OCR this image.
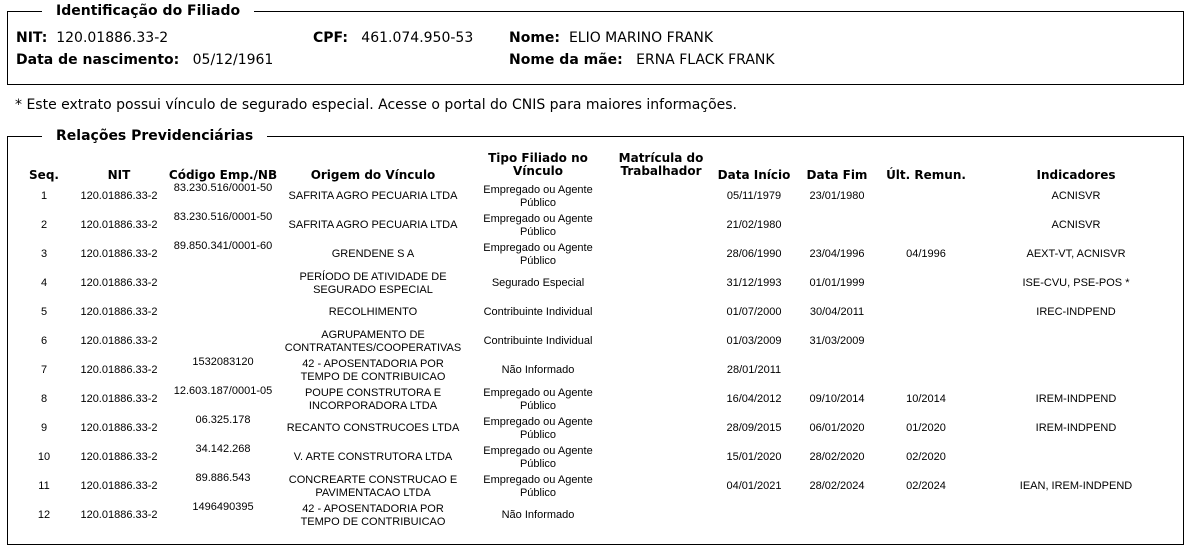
Identificação do Filiado
NIT: 120.01886.33-2	CPF: 461.074.950-53	Nome: ELIO MARINO FRANK
Data de nascimento: 05/12/1961	Nome da mãe: ERNA FLACK FRANK
* Este extrato possui vínculo de segurado especial. Acesse o portal do CNIS para maiores informações.
Relações Previdenciárias
Seq.	NIT	Código Emp./NB	Origem do Vínculo	Tipo Filiado no Vínculo	Matrícula do Trabalhador	Data Início	Data Fim	Últ. Remun.	Indicadores
1	120.01886.33-2	83.230.516/0001-50	SAFRITA AGRO PECUARIA LTDA	Empregado ou Agente Público		05/11/1979	23/01/1980		ACNISVR
2	120.01886.33-2	83.230.516/0001-50	SAFRITA AGRO PECUARIA LTDA	Empregado ou Agente Público		21/02/1980			ACNISVR
3	120.01886.33-2	89.850.341/0001-60	GRENDENE S A	Empregado ou Agente Público		28/06/1990	23/04/1996	04/1996	AEXT-VT, ACNISVR
4	120.01886.33-2		PERÍODO DE ATIVIDADE DE SEGURADO ESPECIAL	Segurado Especial		31/12/1993	01/01/1999		ISE-CVU, PSE-POS *
5	120.01886.33-2		RECOLHIMENTO	Contribuinte Individual		01/07/2000	30/04/2011		IREC-INDPEND
6	120.01886.33-2		AGRUPAMENTO DE CONTRATANTES/COOPERATIVAS	Contribuinte Individual		01/03/2009	31/03/2009		
7	120.01886.33-2	1532083120	42 - APOSENTADORIA POR TEMPO DE CONTRIBUICAO	Não Informado		28/01/2011			
8	120.01886.33-2	12.603.187/0001-05	POUPE CONSTRUTORA E INCORPORADORA LTDA	Empregado ou Agente Público		16/04/2012	09/10/2014	10/2014	IREM-INDPEND
9	120.01886.33-2	06.325.178	RECANTO CONSTRUCOES LTDA	Empregado ou Agente Público		28/09/2015	06/01/2020	01/2020	IREM-INDPEND
10	120.01886.33-2	34.142.268	V. ARTE CONSTRUTORA LTDA	Empregado ou Agente Público		15/01/2020	28/02/2020	02/2020	
11	120.01886.33-2	89.886.543	CONCREARTE CONSTRUCAO E PAVIMENTACAO LTDA	Empregado ou Agente Público		04/01/2021	28/02/2024	02/2024	IEAN, IREM-INDPEND
12	120.01886.33-2	1496490395	42 - APOSENTADORIA POR TEMPO DE CONTRIBUICAO	Não Informado					
